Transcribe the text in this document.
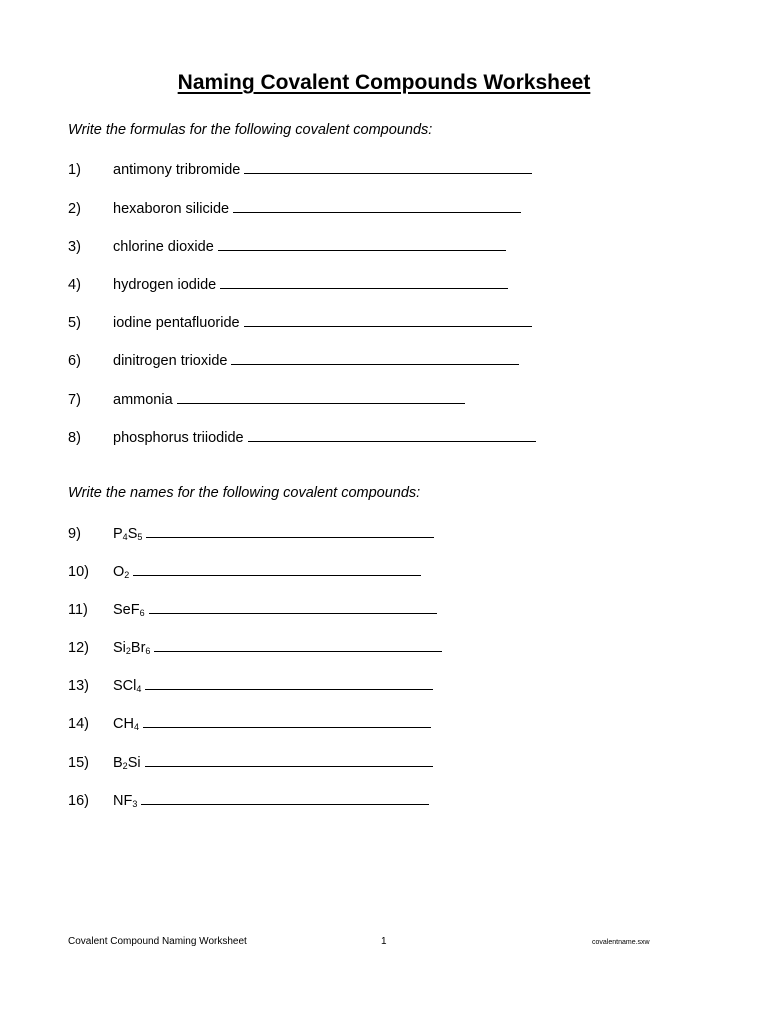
Naming Covalent Compounds Worksheet

Write the formulas for the following covalent compounds:

1) antimony tribromide
2) hexaboron silicide
3) chlorine dioxide
4) hydrogen iodide
5) iodine pentafluoride
6) dinitrogen trioxide
7) ammonia
8) phosphorus triiodide

Write the names for the following covalent compounds:

9) $P_4S_5$
10) $O_2$
11) SeF$_6$
12) $Si_2Br_6$
13) SCl$_4$
14) $CH_4$
15) $B_2Si$
16) $NF_3$

Covalent Compound Naming Worksheet	1	covalentname.sxw
